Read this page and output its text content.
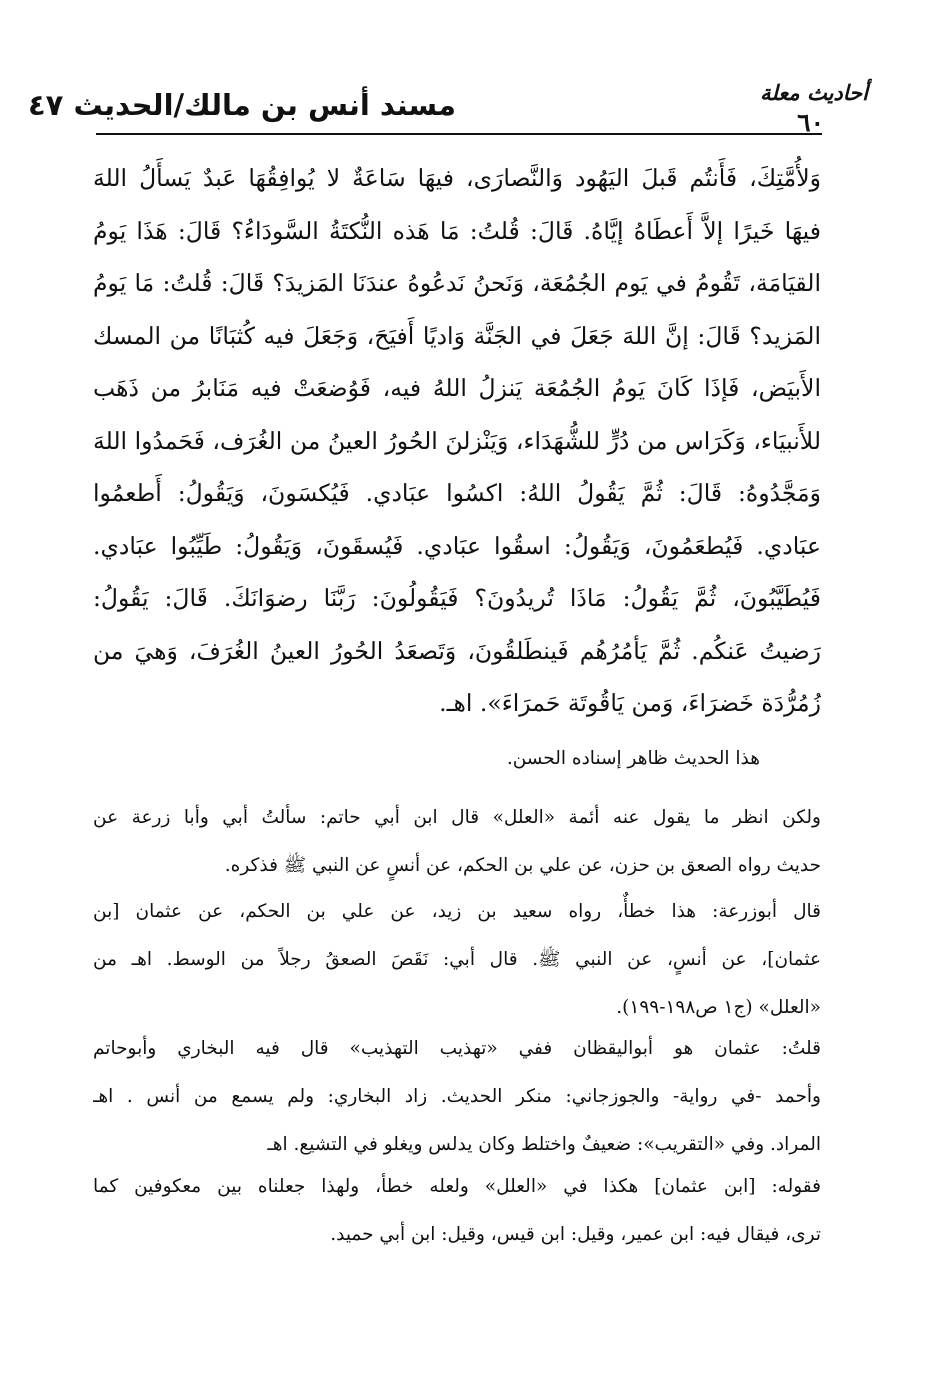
أحاديث معلة
٦٠
مسند أنس بن مالك/الحديث ٤٧
وَلأُمَّتِكَ، فَأَنتُم قَبلَ اليَهُود وَالنَّصارَى، فيهَا سَاعَةٌ لا يُوافِقُهَا عَبدٌ يَسأَلُ اللهَ
فيهَا خَيرًا إلاَّ أَعطَاهُ إيَّاهُ. قَالَ: قُلتُ: مَا هَذه النُّكتَةُ السَّودَاءُ؟ قَالَ: هَذَا يَومُ
القيَامَة، تَقُومُ في يَوم الجُمُعَة، وَنَحنُ نَدعُوهُ عندَنَا المَزيدَ؟ قَالَ: قُلتُ: مَا يَومُ
المَزيد؟ قَالَ: إنَّ اللهَ جَعَلَ في الجَنَّة وَاديًا أَفيَحَ، وَجَعَلَ فيه كُثبَانًا من المسك
الأَبيَض، فَإذَا كَانَ يَومُ الجُمُعَة يَنزلُ اللهُ فيه، فَوُضعَتْ فيه مَنَابرُ من ذَهَب
للأَنبيَاء، وَكَرَاس من دُرٍّ للشُّهَدَاء، وَيَنْزلنَ الحُورُ العينُ من الغُرَف، فَحَمدُوا اللهَ
وَمَجَّدُوهُ: قَالَ: ثُمَّ يَقُولُ اللهُ: اكسُوا عبَادي. فَيُكسَونَ، وَيَقُولُ: أَطعمُوا
عبَادي. فَيُطعَمُونَ، وَيَقُولُ: اسقُوا عبَادي. فَيُسقَونَ، وَيَقُولُ: طَيِّبُوا عبَادي.
فَيُطَيَّبُونَ، ثُمَّ يَقُولُ: مَاذَا تُريدُونَ؟ فَيَقُولُونَ: رَبَّنَا رضوَانَكَ. قَالَ: يَقُولُ:
رَضيتُ عَنكُم. ثُمَّ يَأمُرُهُم فَينطَلقُونَ، وَتَصعَدُ الحُورُ العينُ الغُرَفَ، وَهيَ من
زُمُرُّدَة خَضرَاءَ، وَمن يَاقُوتَة حَمرَاءَ». اهـ.
هذا الحديث ظاهر إسناده الحسن.
ولكن انظر ما يقول عنه أئمة «العلل» قال ابن أبي حاتم: سألتُ أبي وأبا زرعة عن
حديث رواه الصعق بن حزن، عن علي بن الحكم، عن أنسٍ عن النبي ﷺ فذكره.
قال أبوزرعة: هذا خطأٌ، رواه سعيد بن زيد، عن علي بن الحكم، عن عثمان [بن
عثمان]، عن أنسٍ، عن النبي ﷺ. قال أبي: نَقَصَ الصعقُ رجلاً من الوسط. اهـ من
«العلل» (ج١ ص١٩٨-١٩٩).
قلتُ: عثمان هو أبواليقظان ففي «تهذيب التهذيب» قال فيه البخاري وأبوحاتم
وأحمد -في رواية- والجوزجاني: منكر الحديث. زاد البخاري: ولم يسمع من أنس . اهـ
المراد. وفي «التقريب»: ضعيفٌ واختلط وكان يدلس ويغلو في التشيع. اهـ
فقوله: [ابن عثمان] هكذا في «العلل» ولعله خطأ، ولهذا جعلناه بين معكوفين كما
ترى، فيقال فيه: ابن عمير، وقيل: ابن قيس، وقيل: ابن أبي حميد.
